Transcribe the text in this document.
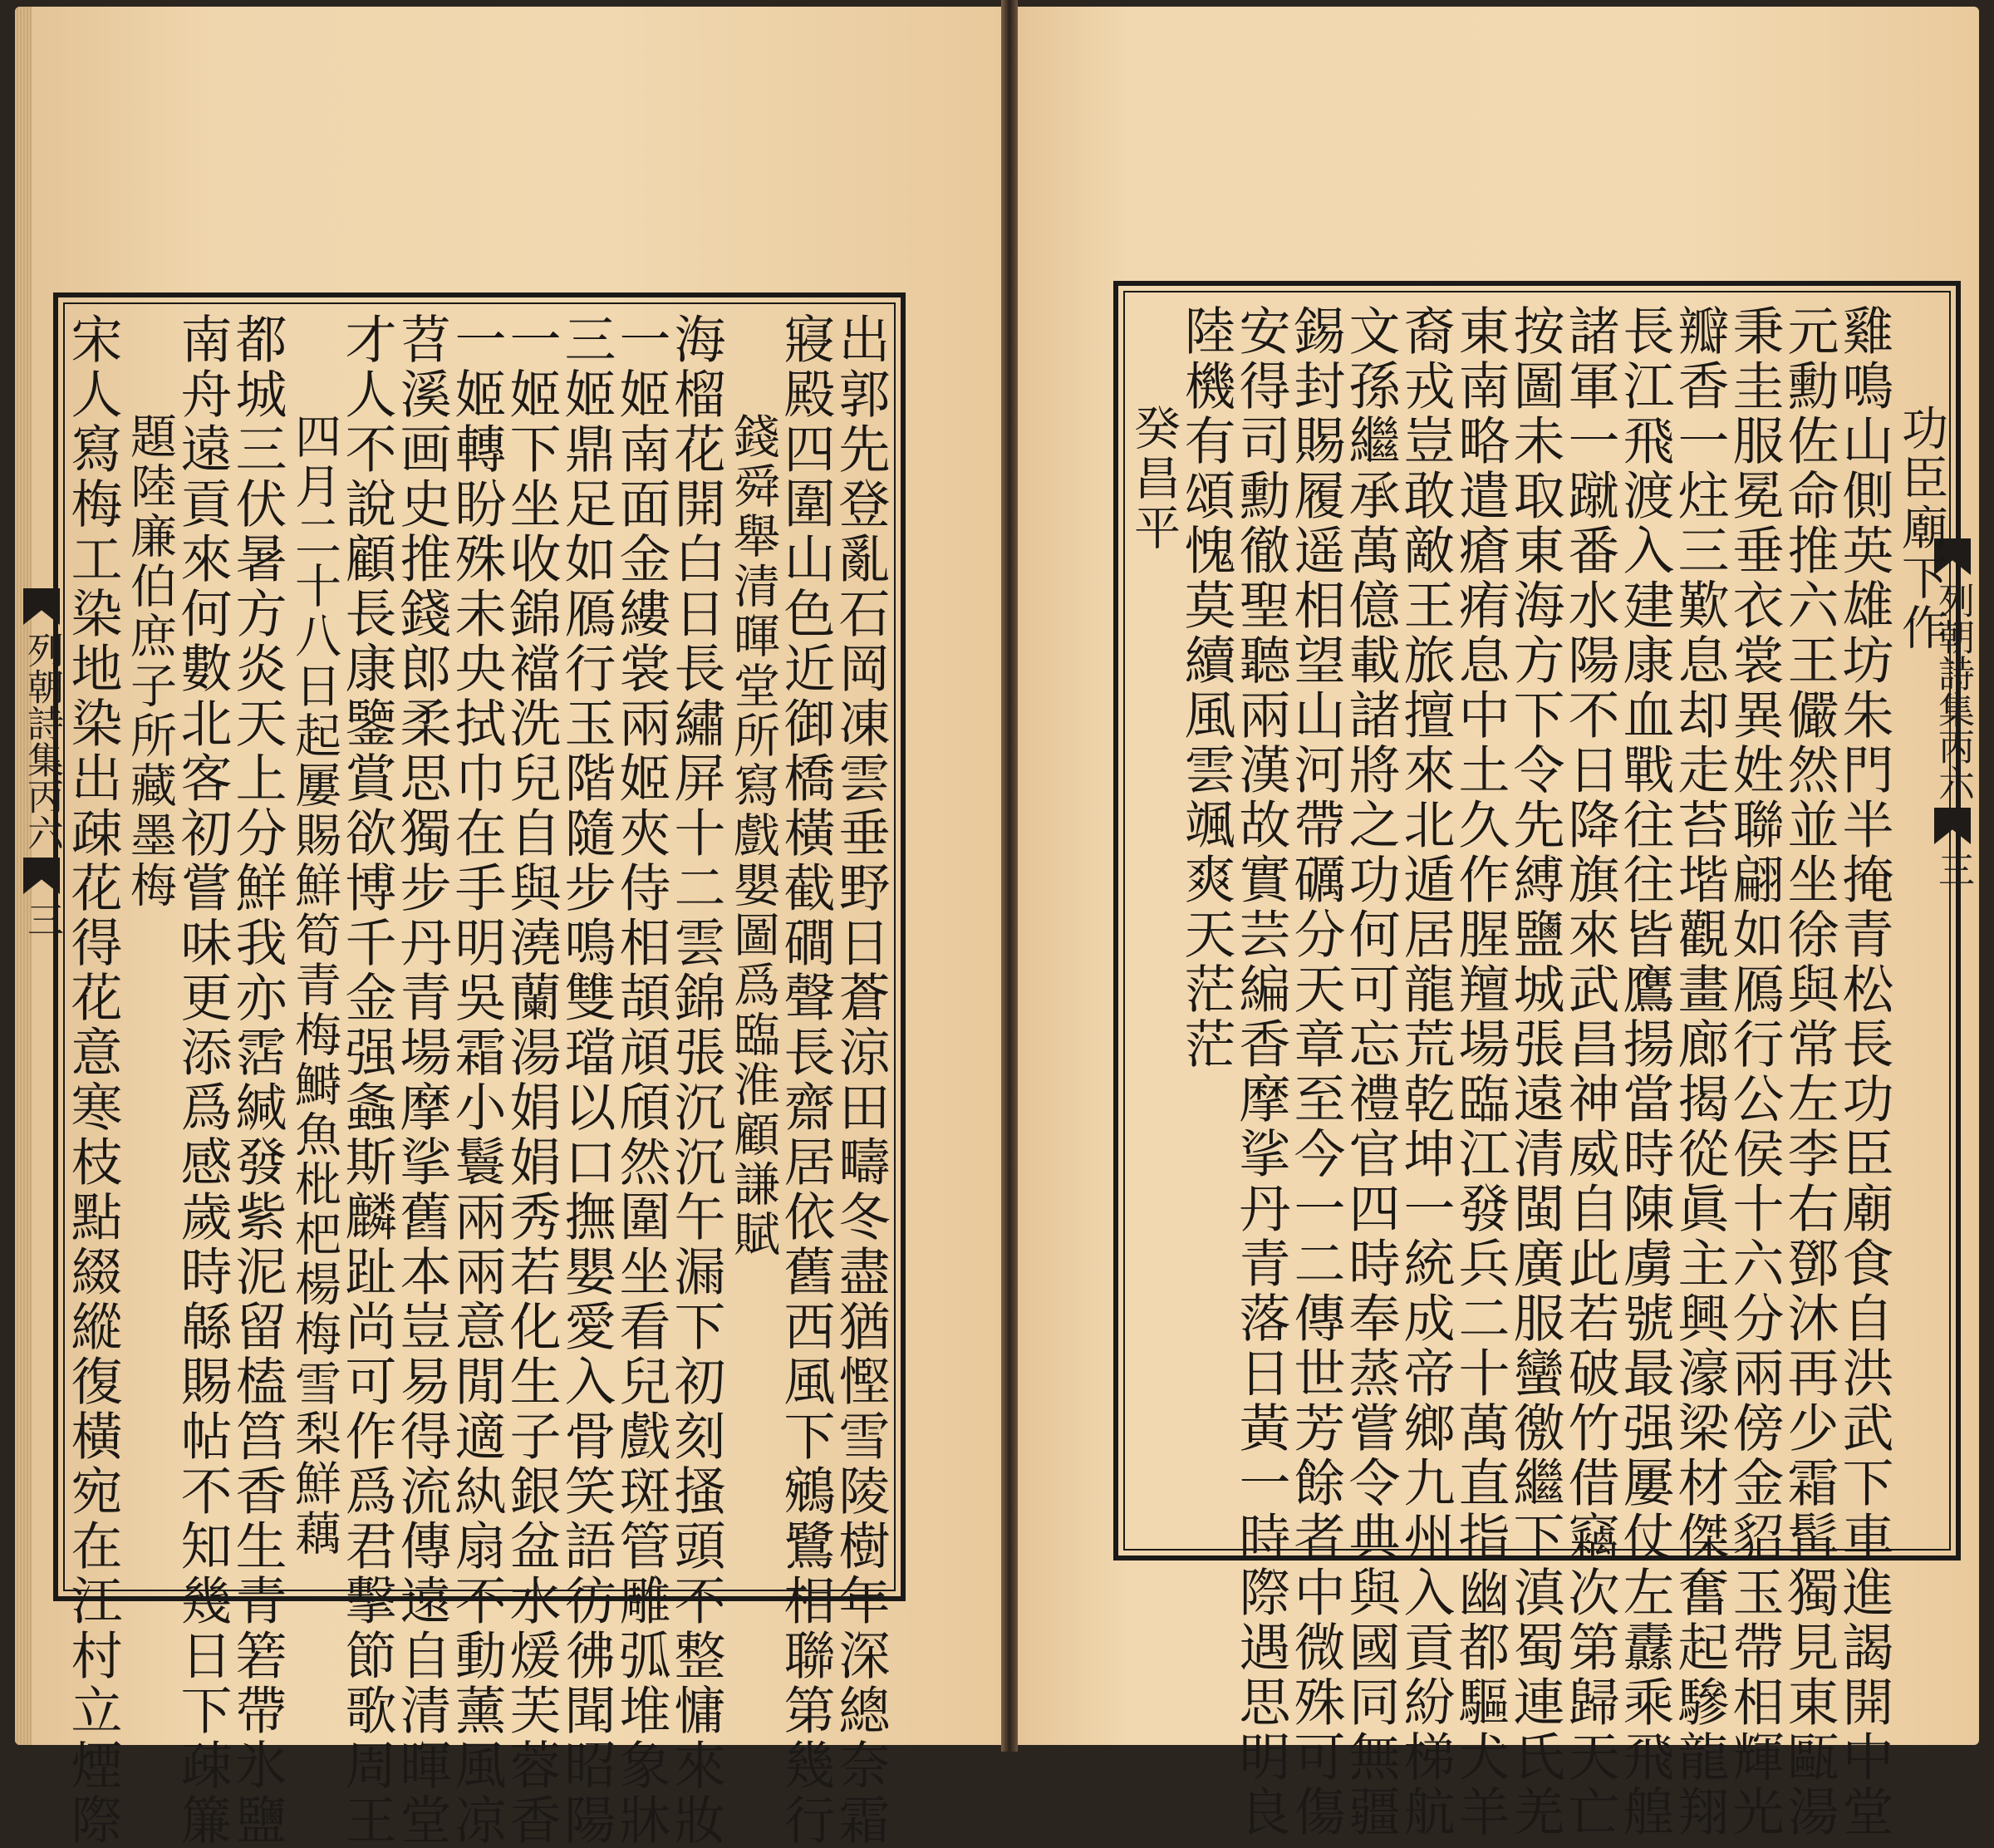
列朝詩集丙六
三
列朝詩集丙六
三
功臣廟下作
雞鳴山側英雄坊朱門半掩青松長功臣廟食自洪武下車進謁開中堂
元勳佐命推六王儼然並坐徐與常左李右鄧沐再少霜髯獨見東甌湯
秉圭服冕垂衣裳異姓聯翩如鴈行公侯十六分兩傍金貂玉帶相輝光
瓣香一炷三歎息却走苔堦觀畫廊揭從眞主興濠梁材傑奮起驂龍翔
長江飛渡入建康血戰往往皆鷹揚當時陳虜號最强屢仗左纛乘飛艎
諸軍一蹴番水陽不日降旗來武昌神威自此若破竹借竊次第歸天亡
按圖未取東海方下令先縛鹽城張遠清閩廣服蠻徼繼下滇蜀連氏羌
東南略遣瘡痏息中土久作腥羶場臨江發兵二十萬直指幽都驅犬羊
裔戎豈敢敵王旅擅來北遁居龍荒乾坤一統成帝鄉九州入貢紛梯航
文孫繼承萬億載諸將之功何可忘禮官四時奉蒸嘗令典與國同無疆
錫封賜履遥相望山河帶礪分天章至今一二傳世芳餘者中微殊可傷
安得司勳徹聖聽兩漢故實芸編香摩挲丹青落日黃一時際遇思明良
陸機有頌愧莫續風雲颯爽天茫茫
癸昌平
出郭先登亂石岡凍雲垂野日蒼涼田疇冬盡猶慳雪陵樹年深總奈霜
寢殿四圍山色近御橋橫截磵聲長齋居依舊西風下鵷鷺相聯第幾行
錢舜舉清暉堂所寫戲嬰圖爲臨淮顧謙賦
海榴花開白日長繡屏十二雲錦張沉沉午漏下初刻搔頭不整慵來妝
一姬南面金縷裳兩姬夾侍相頡頏頎然圍坐看兒戲斑管雕弧堆象牀
三姬鼎足如鴈行玉階隨步鳴雙璫以口撫嬰愛入骨笑語彷彿聞昭陽
一姬下坐收錦襠洗兒自與澆蘭湯娟娟秀若化生子銀盆水煖芙蓉香
一姬轉盼殊未央拭巾在手明吳霜小鬟兩兩意閒適紈扇不動薰風凉
苕溪画史推錢郎柔思獨步丹青場摩挲舊本豈易得流傳遠自清暉堂
才人不說顧長康鑒賞欲博千金强螽斯麟趾尚可作爲君擊節歌周王
四月二十八日起屢賜鮮筍青梅鰣魚枇杷楊梅雪梨鮮藕
都城三伏暑方炎天上分鮮我亦霑緘發紫泥留榼筥香生青箬帶氷鹽
南舟遠貢來何數北客初嘗味更添爲感歲時緜賜帖不知幾日下疎簾
題陸廉伯庶子所藏墨梅
宋人寫梅工染地染出疎花得花意寒枝點綴縱復橫宛在江村立煙際
